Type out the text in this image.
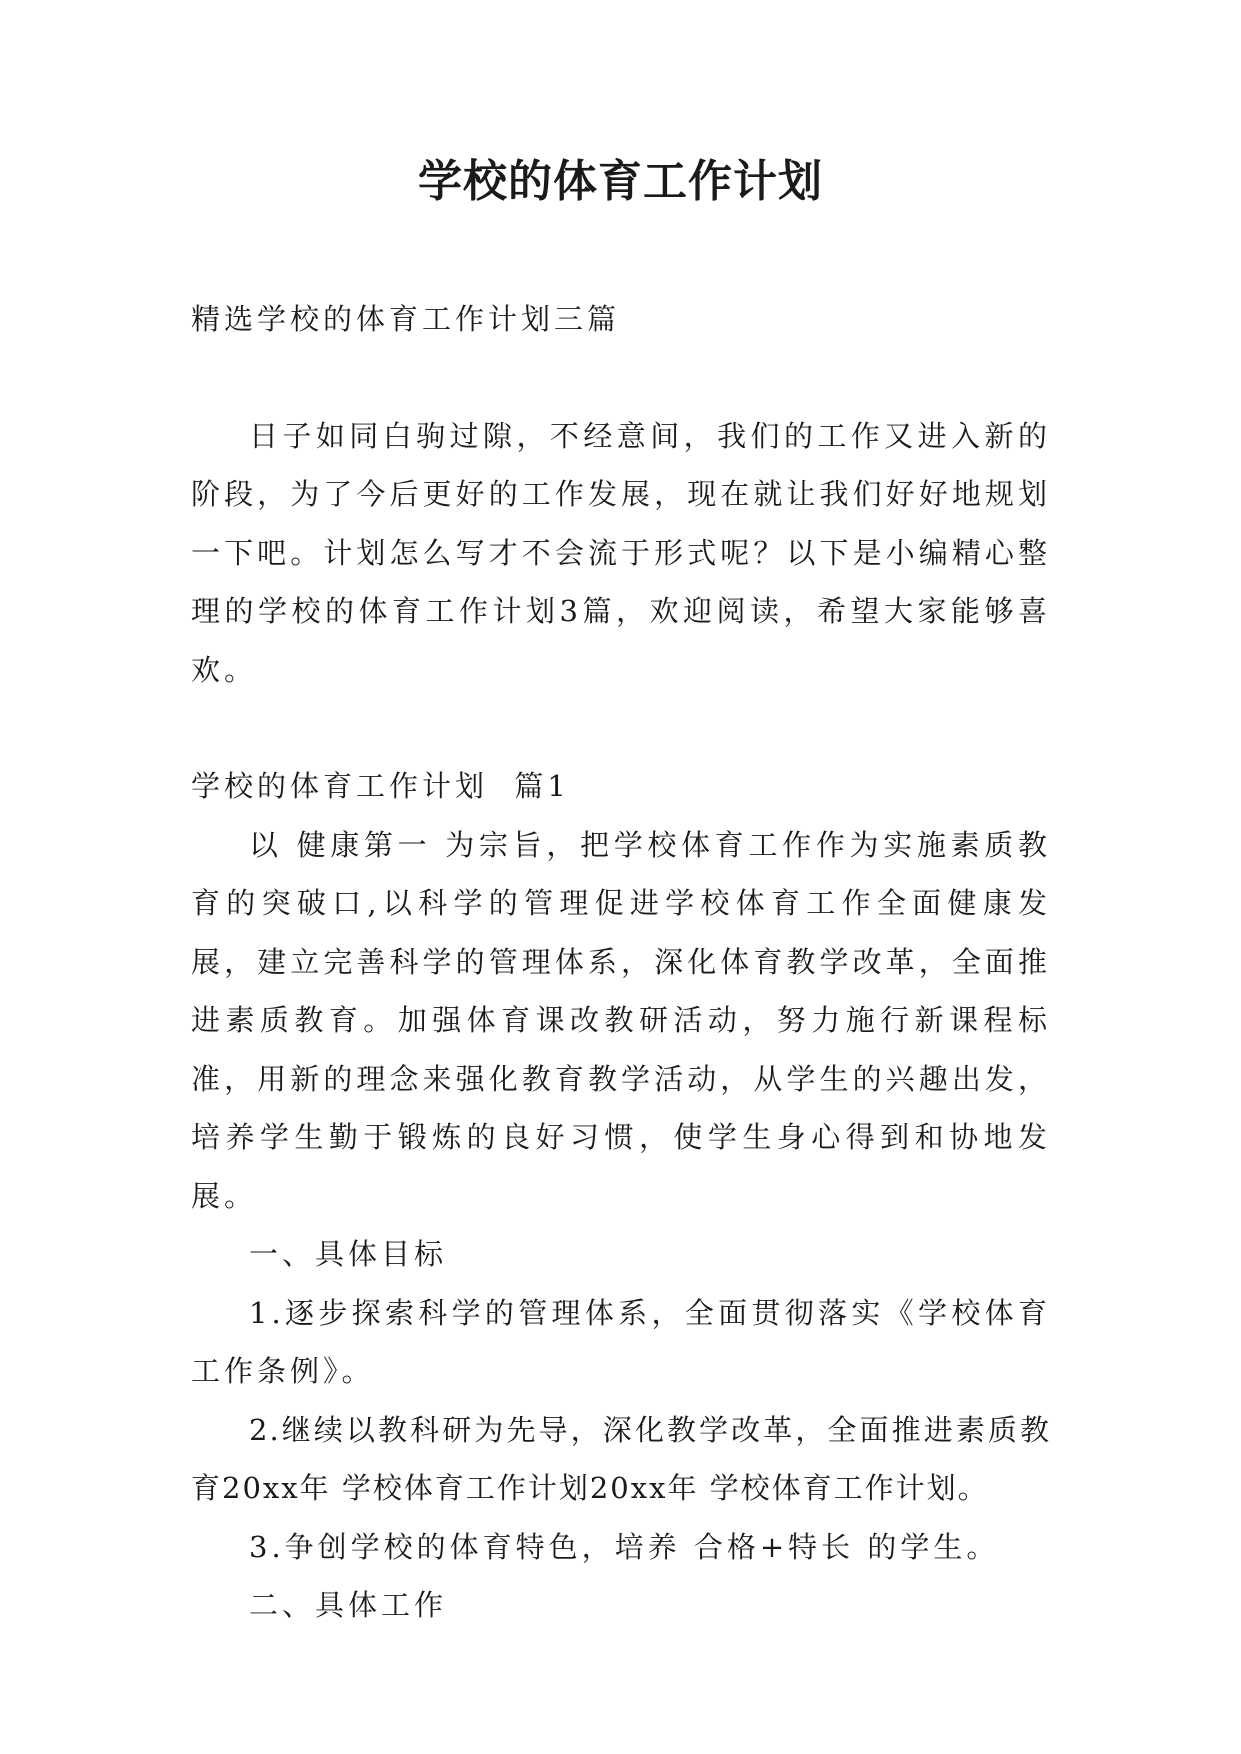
学校的体育工作计划

精选学校的体育工作计划三篇

日子如同白驹过隙，不经意间，我们的工作又进入新的阶段，为了今后更好的工作发展，现在就让我们好好地规划一下吧。计划怎么写才不会流于形式呢？以下是小编精心整理的学校的体育工作计划3篇，欢迎阅读，希望大家能够喜欢。

学校的体育工作计划  篇1

以 健康第一 为宗旨，把学校体育工作作为实施素质教育的突破口,以科学的管理促进学校体育工作全面健康发展，建立完善科学的管理体系，深化体育教学改革，全面推进素质教育。加强体育课改教研活动，努力施行新课程标准，用新的理念来强化教育教学活动，从学生的兴趣出发，培养学生勤于锻炼的良好习惯，使学生身心得到和协地发展。

一、具体目标

1.逐步探索科学的管理体系，全面贯彻落实《学校体育工作条例》。

2.继续以教科研为先导，深化教学改革，全面推进素质教育20xx年 学校体育工作计划20xx年 学校体育工作计划。

3.争创学校的体育特色，培养 合格+特长 的学生。

二、具体工作
